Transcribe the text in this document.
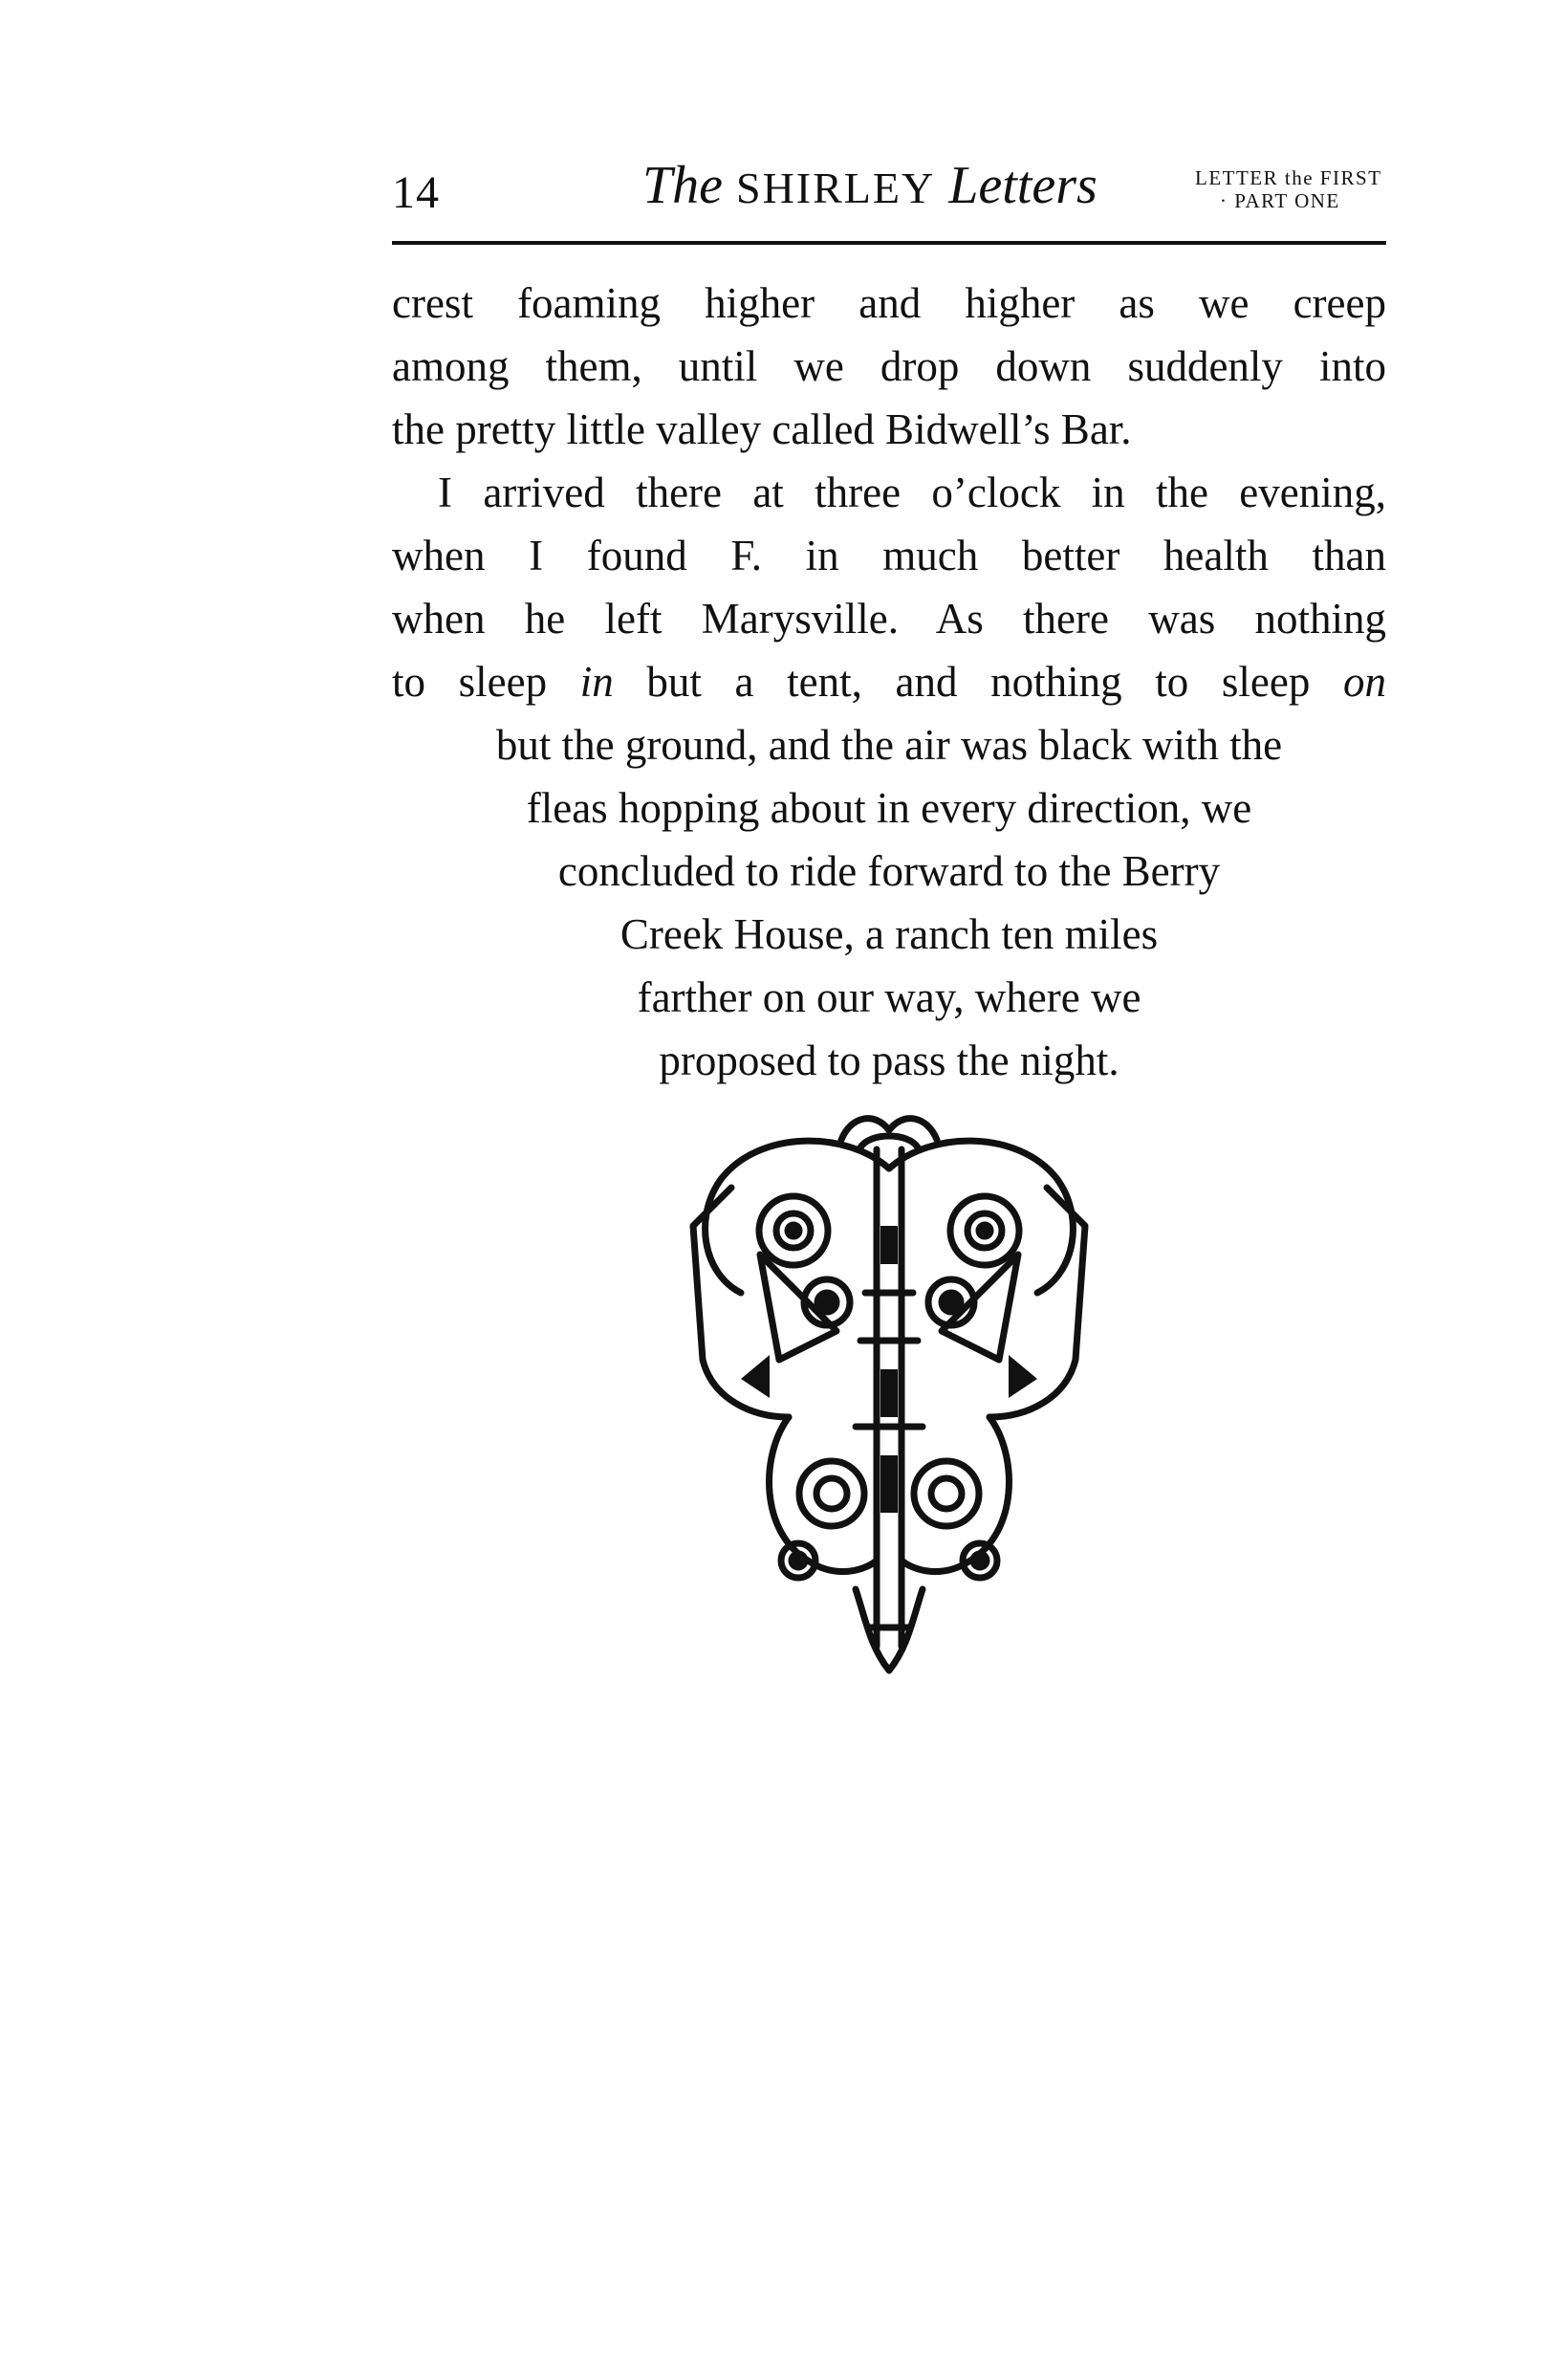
14	The SHIRLEY Letters	LETTER the FIRST
· PART ONE
crest foaming higher and higher as we creep
among them, until we drop down suddenly into
the pretty little valley called Bidwell’s Bar.
I arrived there at three o’clock in the evening,
when I found F. in much better health than
when he left Marysville. As there was nothing
to sleep in but a tent, and nothing to sleep on
but the ground, and the air was black with the
fleas hopping about in every direction, we
concluded to ride forward to the Berry
Creek House, a ranch ten miles
farther on our way, where we
proposed to pass the night.
